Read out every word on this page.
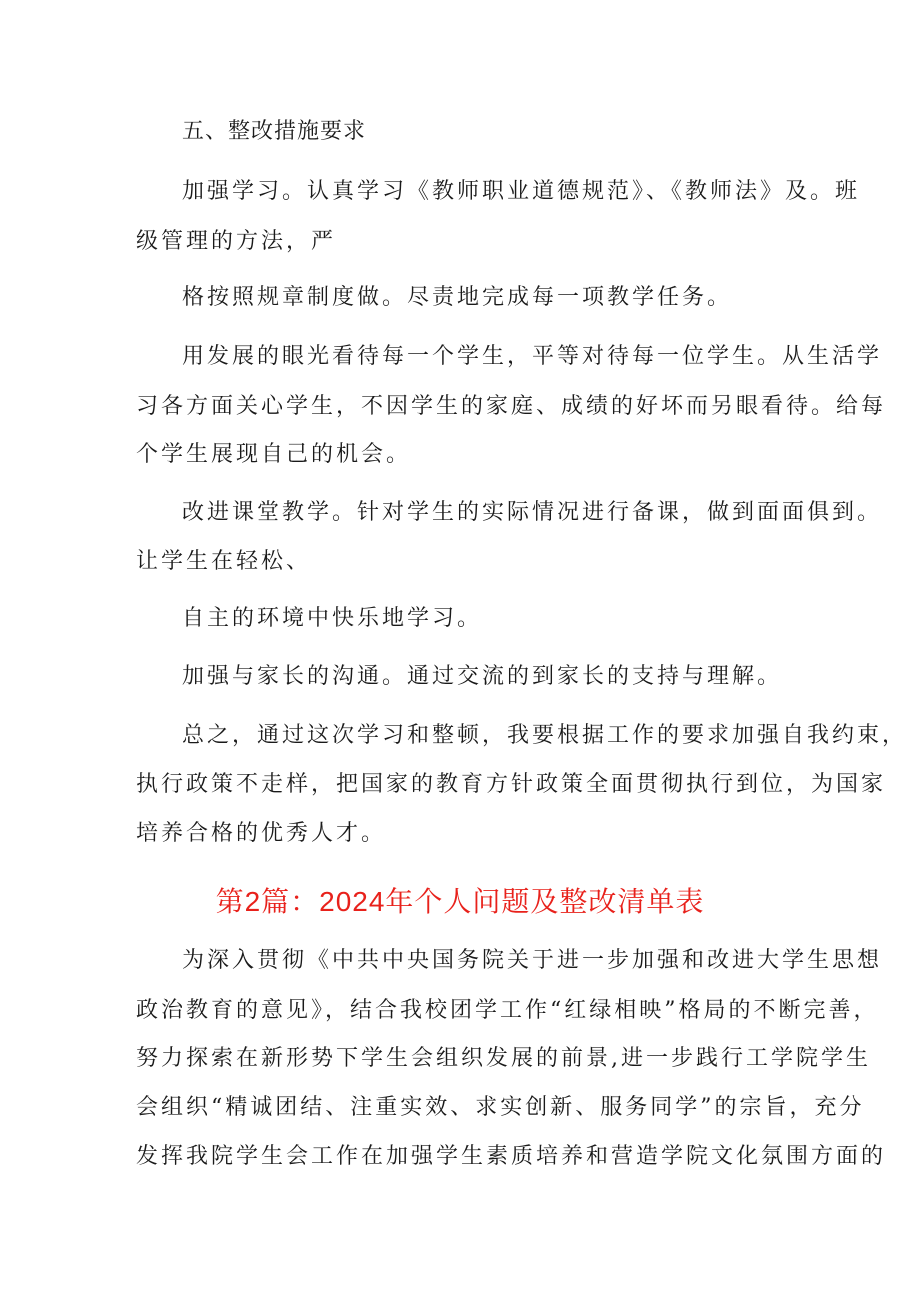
五、整改措施要求

加强学习。认真学习《教师职业道德规范》、《教师法》及。班

级管理的方法，严

格按照规章制度做。尽责地完成每一项教学任务。

用发展的眼光看待每一个学生，平等对待每一位学生。从生活学

习各方面关心学生，不因学生的家庭、成绩的好坏而另眼看待。给每

个学生展现自己的机会。

改进课堂教学。针对学生的实际情况进行备课，做到面面俱到。

让学生在轻松、

自主的环境中快乐地学习。

加强与家长的沟通。通过交流的到家长的支持与理解。

总之，通过这次学习和整顿，我要根据工作的要求加强自我约束，

执行政策不走样，把国家的教育方针政策全面贯彻执行到位，为国家

培养合格的优秀人才。

第2篇：2024年个人问题及整改清单表

为深入贯彻《中共中央国务院关于进一步加强和改进大学生思想

政治教育的意见》，结合我校团学工作“红绿相映”格局的不断完善，

努力探索在新形势下学生会组织发展的前景,进一步践行工学院学生

会组织“精诚团结、注重实效、求实创新、服务同学”的宗旨，充分

发挥我院学生会工作在加强学生素质培养和营造学院文化氛围方面的
